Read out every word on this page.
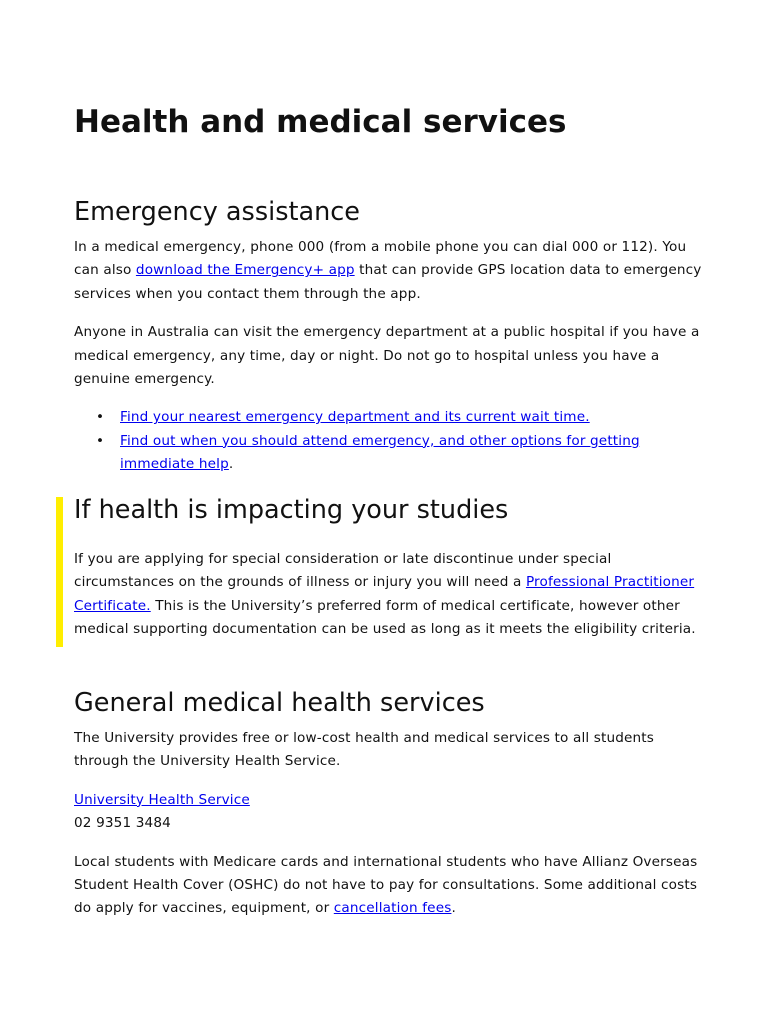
Health and medical services
Emergency assistance

In a medical emergency, phone 000 (from a mobile phone you can dial 000 or 112). You can also download the Emergency+ app that can provide GPS location data to emergency services when you contact them through the app.

Anyone in Australia can visit the emergency department at a public hospital if you have a medical emergency, any time, day or night. Do not go to hospital unless you have a genuine emergency.

• Find your nearest emergency department and its current wait time.
• Find out when you should attend emergency, and other options for getting immediate help.
If health is impacting your studies

If you are applying for special consideration or late discontinue under special circumstances on the grounds of illness or injury you will need a Professional Practitioner Certificate. This is the University’s preferred form of medical certificate, however other medical supporting documentation can be used as long as it meets the eligibility criteria.

General medical health services

The University provides free or low-cost health and medical services to all students through the University Health Service.

University Health Service
02 9351 3484

Local students with Medicare cards and international students who have Allianz Overseas Student Health Cover (OSHC) do not have to pay for consultations. Some additional costs do apply for vaccines, equipment, or cancellation fees.
